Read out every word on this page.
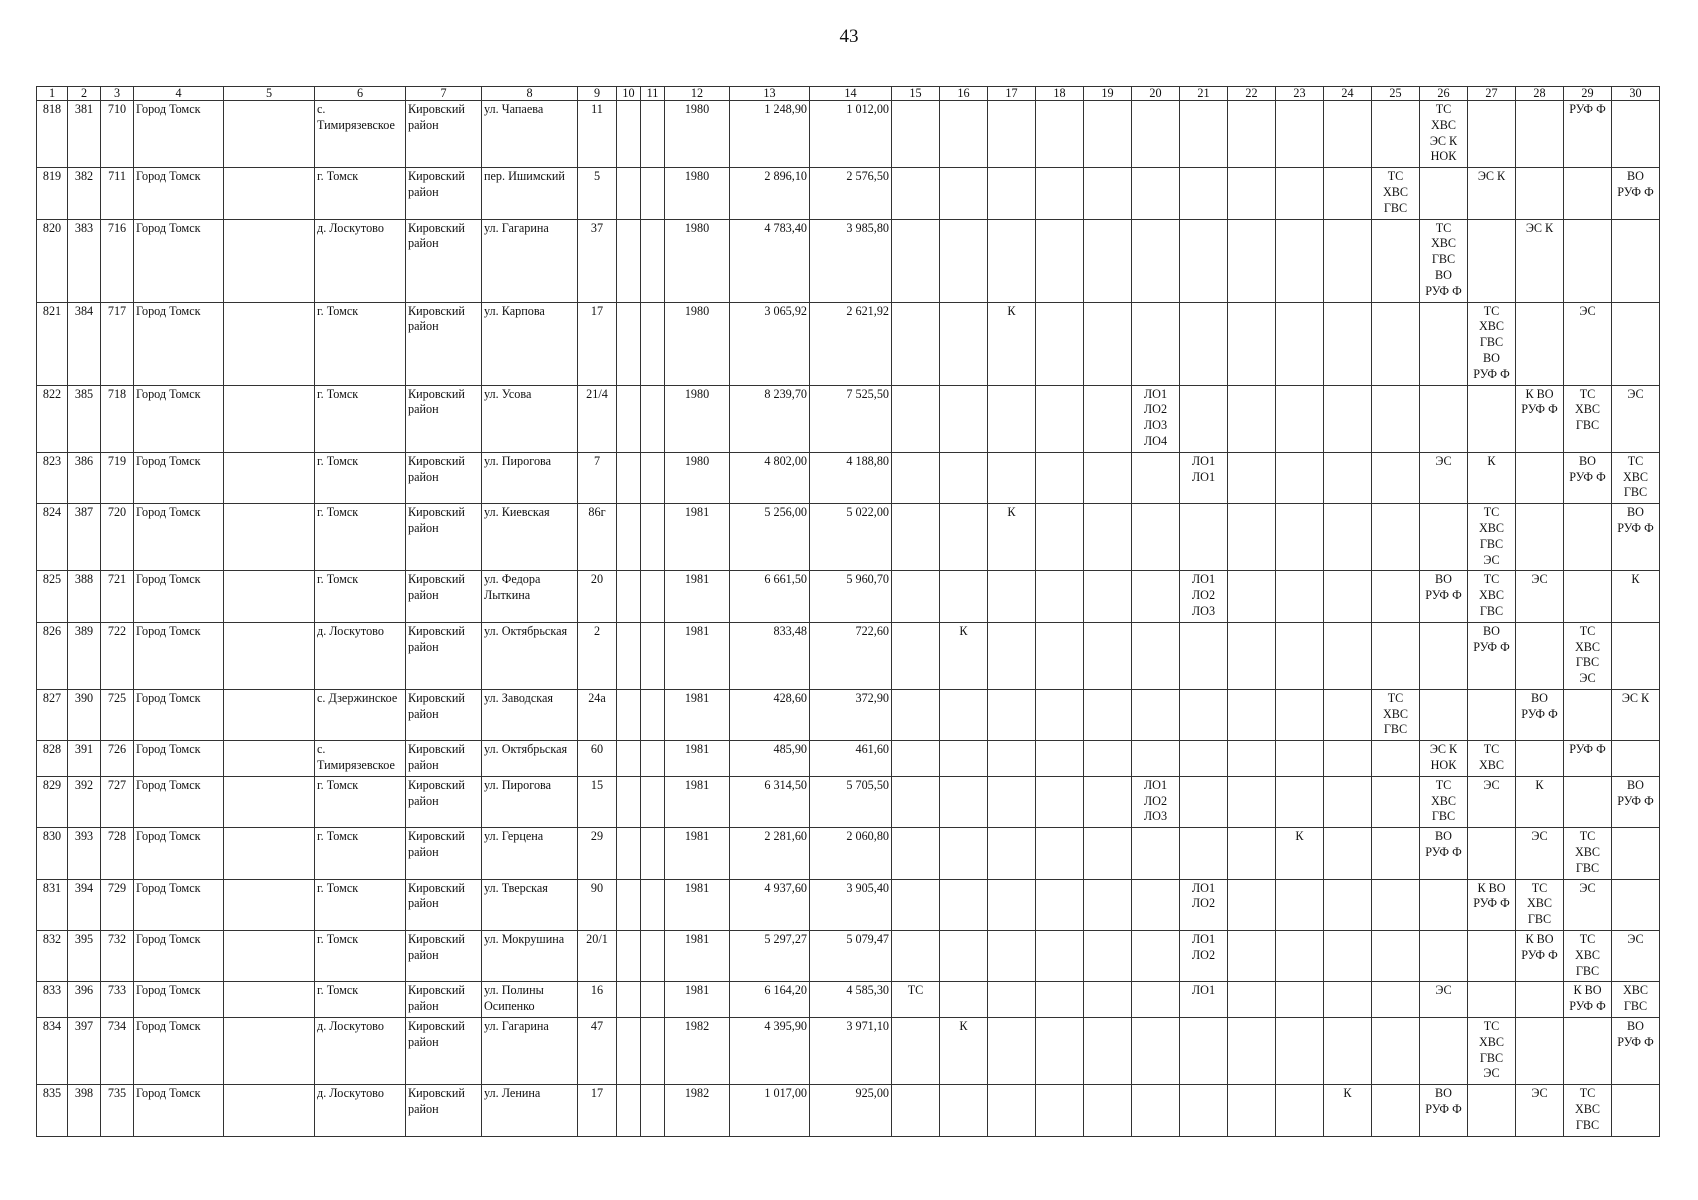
43
1	2	3	4	5	6	7	8	9	10	11	12	13	14	15	16	17	18	19	20	21	22	23	24	25	26	27	28	29	30
818	381	710	Город Томск		с.
Тимирязевское	Кировский
район	ул. Чапаева	11			1980	1 248,90	1 012,00												ТС
ХВС
ЭС К
НОК			РУФ Ф	
819	382	711	Город Томск		г. Томск	Кировский
район	пер. Ишимский	5			1980	2 896,10	2 576,50											ТС
ХВС
ГВС		ЭС К			ВО
РУФ Ф
820	383	716	Город Томск		д. Лоскутово	Кировский
район	ул. Гагарина	37			1980	4 783,40	3 985,80												ТС
ХВС
ГВС
ВО
РУФ Ф		ЭС К		
821	384	717	Город Томск		г. Томск	Кировский
район	ул. Карпова	17			1980	3 065,92	2 621,92			К										ТС
ХВС
ГВС
ВО
РУФ Ф		ЭС	
822	385	718	Город Томск		г. Томск	Кировский
район	ул. Усова	21/4			1980	8 239,70	7 525,50						ЛО1
ЛО2
ЛО3
ЛО4								К ВО
РУФ Ф	ТС
ХВС
ГВС	ЭС
823	386	719	Город Томск		г. Томск	Кировский
район	ул. Пирогова	7			1980	4 802,00	4 188,80							ЛО1
ЛО1					ЭС	К		ВО
РУФ Ф	ТС
ХВС
ГВС
824	387	720	Город Томск		г. Томск	Кировский
район	ул. Киевская	86г			1981	5 256,00	5 022,00			К										ТС
ХВС
ГВС
ЭС			ВО
РУФ Ф
825	388	721	Город Томск		г. Томск	Кировский
район	ул. Федора
Лыткина	20			1981	6 661,50	5 960,70							ЛО1
ЛО2
ЛО3					ВО
РУФ Ф	ТС
ХВС
ГВС	ЭС		К
826	389	722	Город Томск		д. Лоскутово	Кировский
район	ул. Октябрьская	2			1981	833,48	722,60		К											ВО
РУФ Ф		ТС
ХВС
ГВС
ЭС	
827	390	725	Город Томск		с. Дзержинское	Кировский
район	ул. Заводская	24а			1981	428,60	372,90											ТС
ХВС
ГВС			ВО
РУФ Ф		ЭС К
828	391	726	Город Томск		с.
Тимирязевское	Кировский
район	ул. Октябрьская	60			1981	485,90	461,60												ЭС К
НОК	ТС
ХВС		РУФ Ф	
829	392	727	Город Томск		г. Томск	Кировский
район	ул. Пирогова	15			1981	6 314,50	5 705,50						ЛО1
ЛО2
ЛО3						ТС
ХВС
ГВС	ЭС	К		ВО
РУФ Ф
830	393	728	Город Томск		г. Томск	Кировский
район	ул. Герцена	29			1981	2 281,60	2 060,80									К			ВО
РУФ Ф		ЭС	ТС
ХВС
ГВС	
831	394	729	Город Томск		г. Томск	Кировский
район	ул. Тверская	90			1981	4 937,60	3 905,40							ЛО1
ЛО2						К ВО
РУФ Ф	ТС
ХВС
ГВС	ЭС	
832	395	732	Город Томск		г. Томск	Кировский
район	ул. Мокрушина	20/1			1981	5 297,27	5 079,47							ЛО1
ЛО2							К ВО
РУФ Ф	ТС
ХВС
ГВС	ЭС
833	396	733	Город Томск		г. Томск	Кировский
район	ул. Полины
Осипенко	16			1981	6 164,20	4 585,30	ТС						ЛО1					ЭС			К ВО
РУФ Ф	ХВС
ГВС
834	397	734	Город Томск		д. Лоскутово	Кировский
район	ул. Гагарина	47			1982	4 395,90	3 971,10		К											ТС
ХВС
ГВС
ЭС			ВО
РУФ Ф
835	398	735	Город Томск		д. Лоскутово	Кировский
район	ул. Ленина	17			1982	1 017,00	925,00										К		ВО
РУФ Ф		ЭС	ТС
ХВС
ГВС	
